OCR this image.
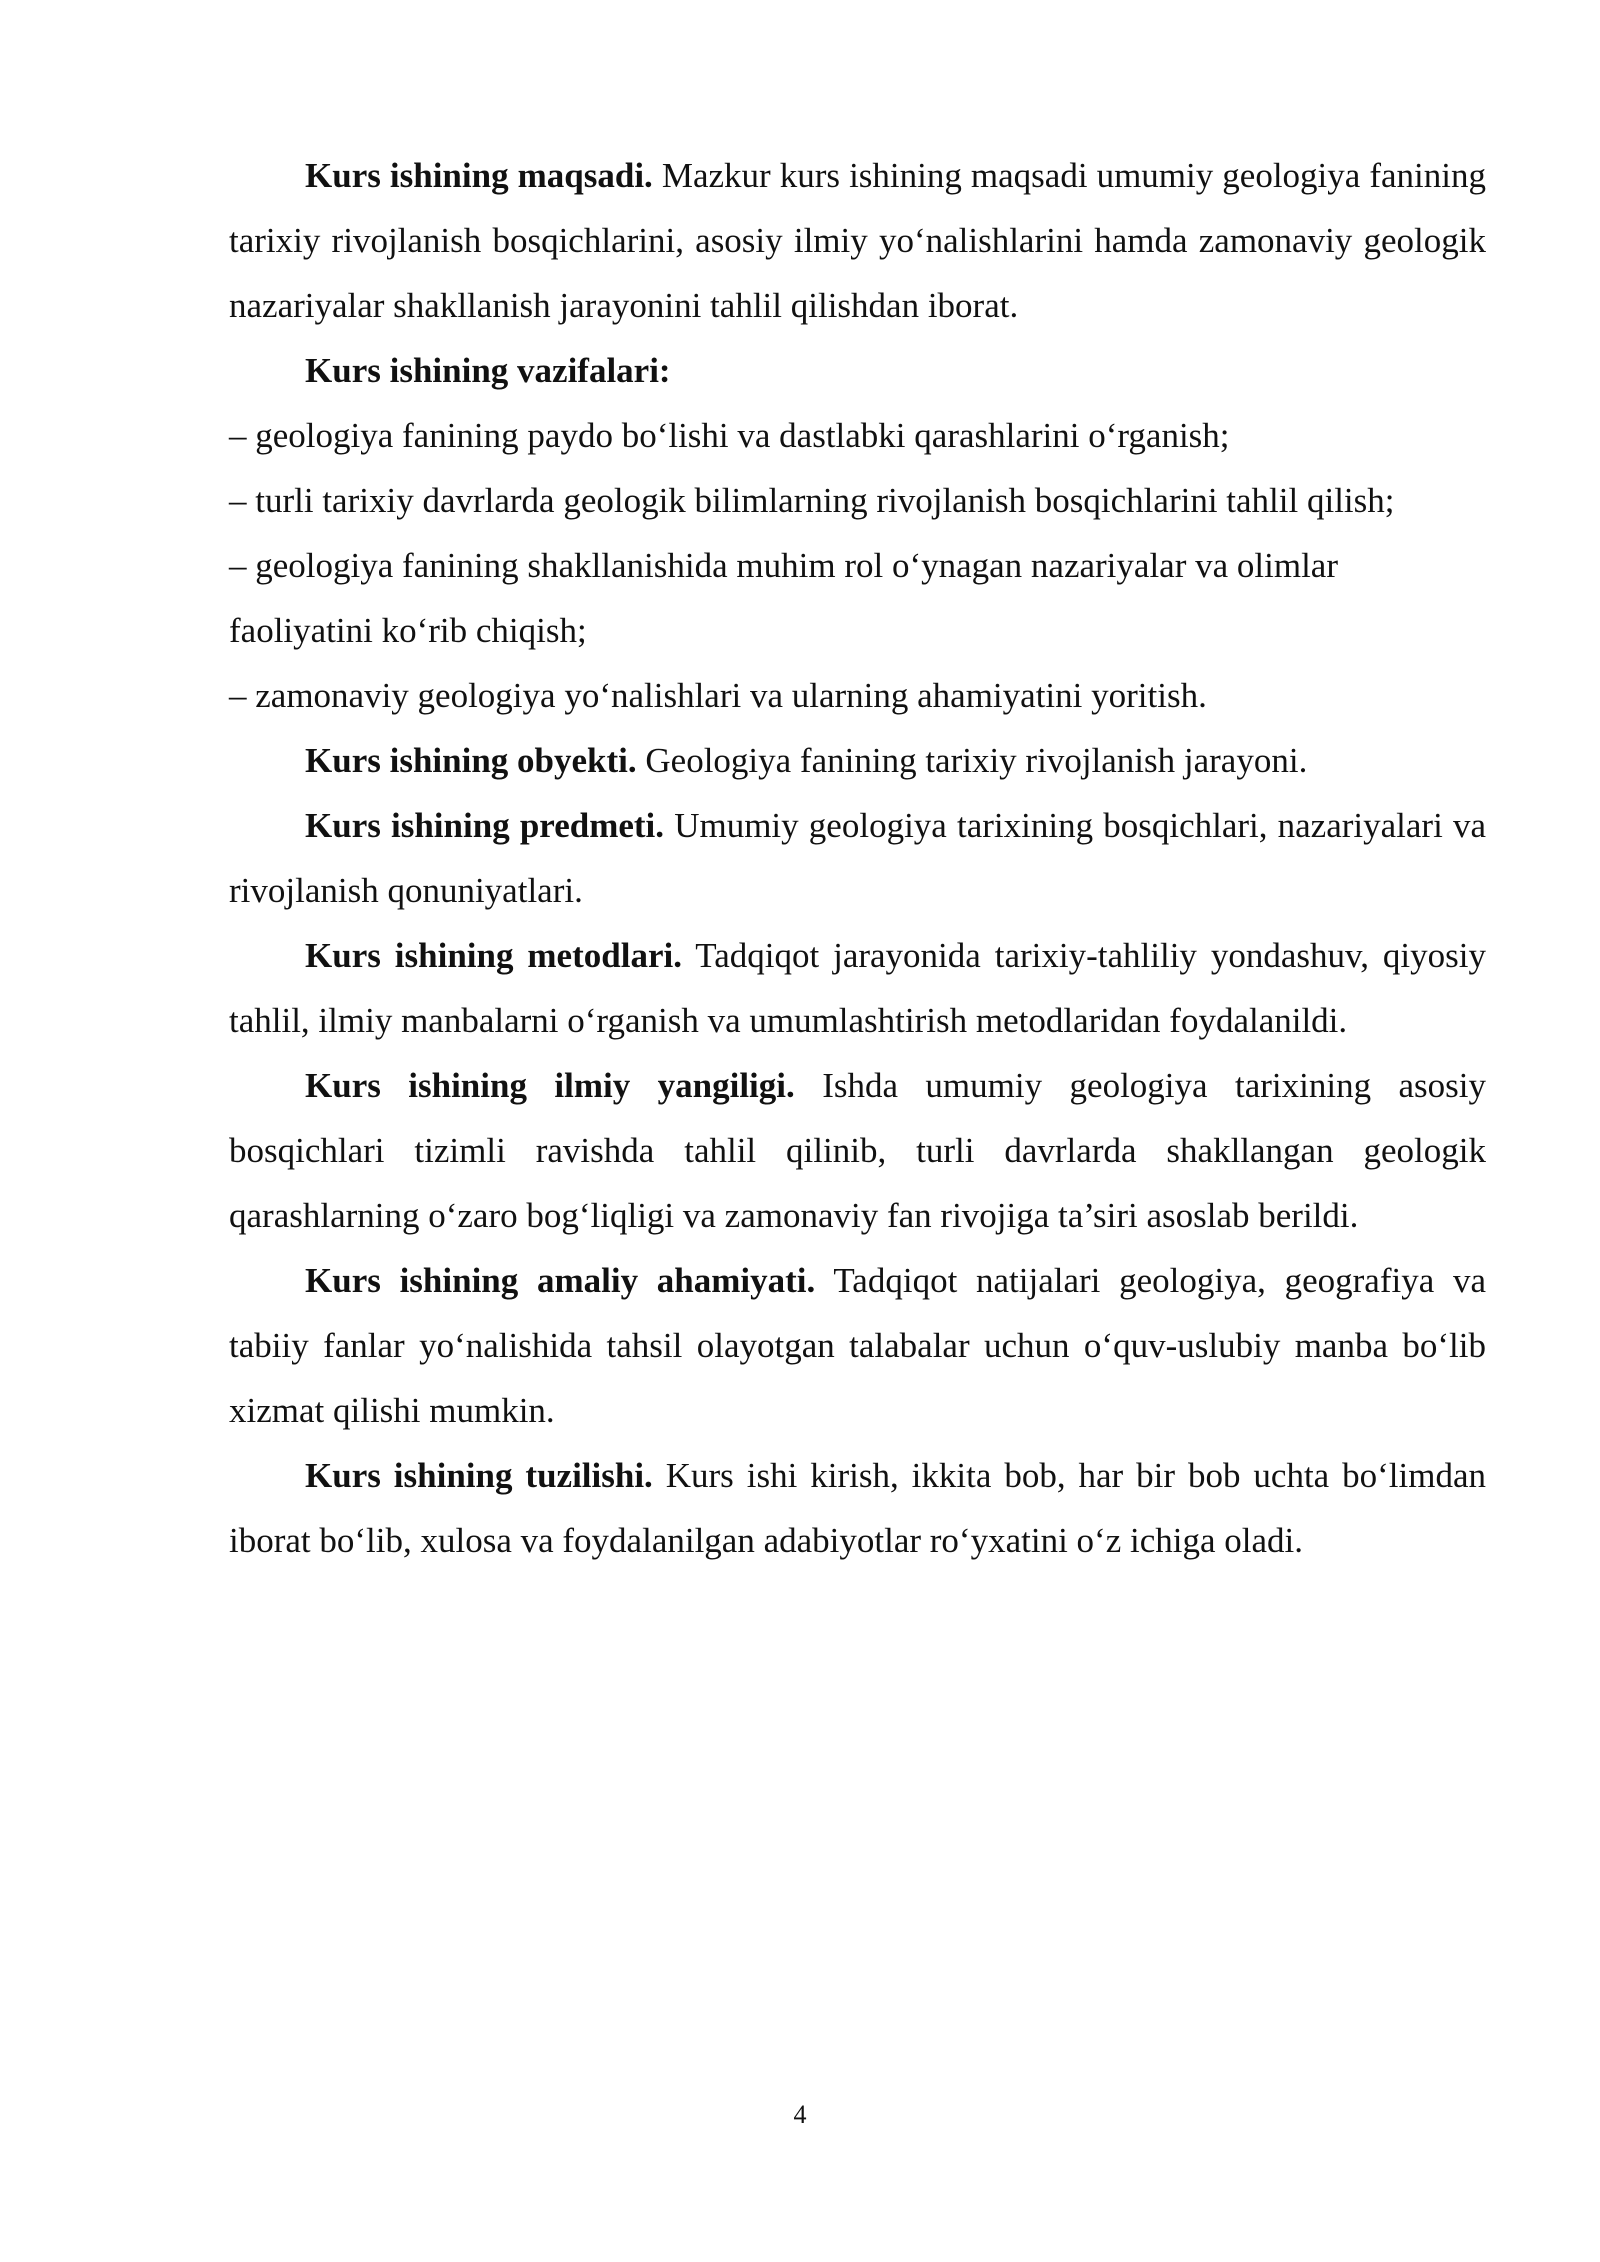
Kurs ishining maqsadi. Mazkur kurs ishining maqsadi umumiy geologiya fanining tarixiy rivojlanish bosqichlarini, asosiy ilmiy yo‘nalishlarini hamda zamonaviy geologik nazariyalar shakllanish jarayonini tahlil qilishdan iborat.

Kurs ishining vazifalari:

– geologiya fanining paydo bo‘lishi va dastlabki qarashlarini o‘rganish;

– turli tarixiy davrlarda geologik bilimlarning rivojlanish bosqichlarini tahlil qilish;

– geologiya fanining shakllanishida muhim rol o‘ynagan nazariyalar va olimlar faoliyatini ko‘rib chiqish;

– zamonaviy geologiya yo‘nalishlari va ularning ahamiyatini yoritish.

Kurs ishining obyekti. Geologiya fanining tarixiy rivojlanish jarayoni.

Kurs ishining predmeti. Umumiy geologiya tarixining bosqichlari, nazariyalari va rivojlanish qonuniyatlari.

Kurs ishining metodlari. Tadqiqot jarayonida tarixiy-tahliliy yondashuv, qiyosiy tahlil, ilmiy manbalarni o‘rganish va umumlashtirish metodlaridan foydalanildi.

Kurs ishining ilmiy yangiligi. Ishda umumiy geologiya tarixining asosiy bosqichlari tizimli ravishda tahlil qilinib, turli davrlarda shakllangan geologik qarashlarning o‘zaro bog‘liqligi va zamonaviy fan rivojiga ta’siri asoslab berildi.

Kurs ishining amaliy ahamiyati. Tadqiqot natijalari geologiya, geografiya va tabiiy fanlar yo‘nalishida tahsil olayotgan talabalar uchun o‘quv-uslubiy manba bo‘lib xizmat qilishi mumkin.

Kurs ishining tuzilishi. Kurs ishi kirish, ikkita bob, har bir bob uchta bo‘limdan iborat bo‘lib, xulosa va foydalanilgan adabiyotlar ro‘yxatini o‘z ichiga oladi.

4
